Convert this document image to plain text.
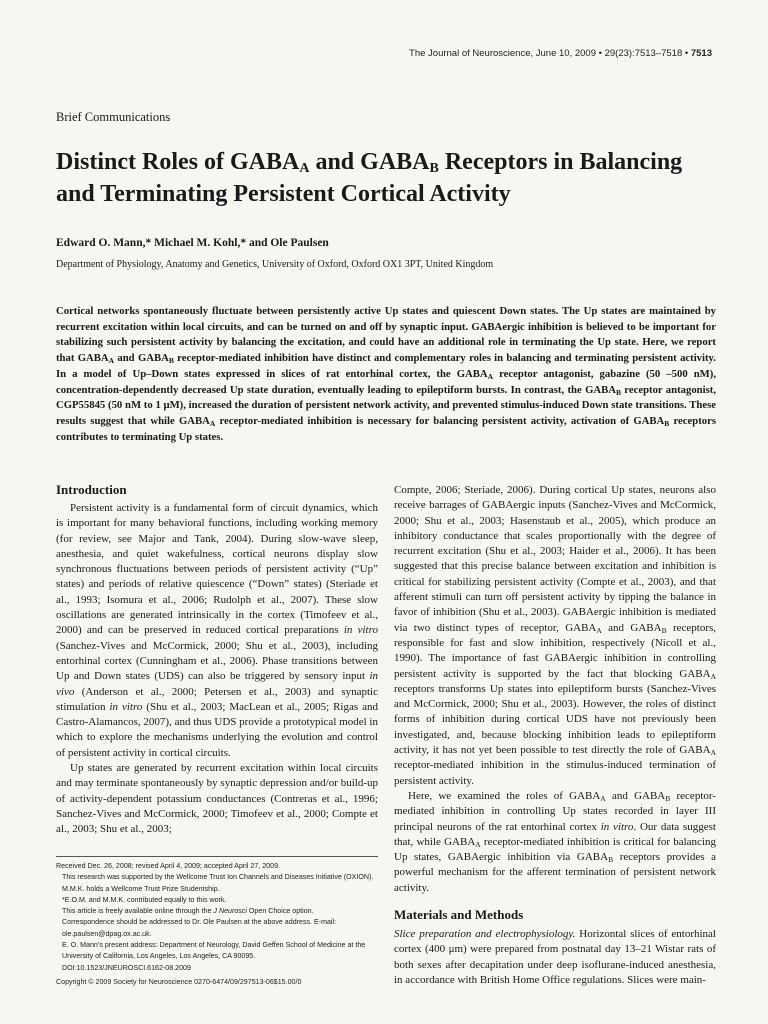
The Journal of Neuroscience, June 10, 2009 • 29(23):7513–7518 • 7513
Brief Communications
Distinct Roles of $GABA_A$ and $GABA_B$ Receptors in Balancing
and Terminating Persistent Cortical Activity
Edward O. Mann,* Michael M. Kohl,* and Ole Paulsen
Department of Physiology, Anatomy and Genetics, University of Oxford, Oxford OX1 3PT, United Kingdom

Cortical networks spontaneously fluctuate between persistently active Up states and quiescent Down states. The Up states are maintained by recurrent excitation within local circuits, and can be turned on and off by synaptic input. GABAergic inhibition is believed to be important for stabilizing such persistent activity by balancing the excitation, and could have an additional role in terminating the Up state. Here, we report that $GABA_A$ and $GABA_B$ receptor-mediated inhibition have distinct and complementary roles in balancing and terminating persistent activity. In a model of Up–Down states expressed in slices of rat entorhinal cortex, the $GABA_A$ receptor antagonist, gabazine (50 –500 nM), concentration-dependently decreased Up state duration, eventually leading to epileptiform bursts. In contrast, the $GABA_B$ receptor antagonist, CGP55845 (50 nM to 1 μM), increased the duration of persistent network activity, and prevented stimulus-induced Down state transitions. These results suggest that while $GABA_A$ receptor-mediated inhibition is necessary for balancing persistent activity, activation of $GABA_B$ receptors contributes to terminating Up states.

Introduction

Persistent activity is a fundamental form of circuit dynamics, which is important for many behavioral functions, including working memory (for review, see Major and Tank, 2004). During slow-wave sleep, anesthesia, and quiet wakefulness, cortical neurons display slow synchronous fluctuations between periods of persistent activity (“Up” states) and periods of relative quiescence (“Down” states) (Steriade et al., 1993; Isomura et al., 2006; Rudolph et al., 2007). These slow oscillations are generated intrinsically in the cortex (Timofeev et al., 2000) and can be preserved in reduced cortical preparations in vitro (Sanchez-Vives and McCormick, 2000; Shu et al., 2003), including entorhinal cortex (Cunningham et al., 2006). Phase transitions between Up and Down states (UDS) can also be triggered by sensory input in vivo (Anderson et al., 2000; Petersen et al., 2003) and synaptic stimulation in vitro (Shu et al., 2003; MacLean et al., 2005; Rigas and Castro-Alamancos, 2007), and thus UDS provide a prototypical model in which to explore the mechanisms underlying the evolution and control of persistent activity in cortical circuits.

Up states are generated by recurrent excitation within local circuits and may terminate spontaneously by synaptic depression and/or build-up of activity-dependent potassium conductances (Contreras et al., 1996; Sanchez-Vives and McCormick, 2000; Timofeev et al., 2000; Compte et al., 2003; Shu et al., 2003;

Compte, 2006; Steriade, 2006). During cortical Up states, neurons also receive barrages of GABAergic inputs (Sanchez-Vives and McCormick, 2000; Shu et al., 2003; Hasenstaub et al., 2005), which produce an inhibitory conductance that scales proportionally with the degree of recurrent excitation (Shu et al., 2003; Haider et al., 2006). It has been suggested that this precise balance between excitation and inhibition is critical for stabilizing persistent activity (Compte et al., 2003), and that afferent stimuli can turn off persistent activity by tipping the balance in favor of inhibition (Shu et al., 2003). GABAergic inhibition is mediated via two distinct types of receptor, $GABA_A$ and $GABA_B$ receptors, responsible for fast and slow inhibition, respectively (Nicoll et al., 1990). The importance of fast GABAergic inhibition in controlling persistent activity is supported by the fact that blocking $GABA_A$ receptors transforms Up states into epileptiform bursts (Sanchez-Vives and McCormick, 2000; Shu et al., 2003). However, the roles of distinct forms of inhibition during cortical UDS have not previously been investigated, and, because blocking inhibition leads to epileptiform activity, it has not yet been possible to test directly the role of $GABA_A$ receptor-mediated inhibition in the stimulus-induced termination of persistent activity.

Here, we examined the roles of $GABA_A$ and $GABA_B$ receptor-mediated inhibition in controlling Up states recorded in layer III principal neurons of the rat entorhinal cortex in vitro. Our data suggest that, while $GABA_A$ receptor-mediated inhibition is critical for balancing Up states, GABAergic inhibition via $GABA_B$ receptors provides a powerful mechanism for the afferent termination of persistent network activity.

Materials and Methods

Slice preparation and electrophysiology. Horizontal slices of entorhinal cortex (400 μm) were prepared from postnatal day 13–21 Wistar rats of both sexes after decapitation under deep isoflurane-induced anesthesia, in accordance with British Home Office regulations. Slices were main-

Received Dec. 26, 2008; revised April 4, 2009; accepted April 27, 2009.

This research was supported by the Wellcome Trust Ion Channels and Diseases Initiative (OXION). M.M.K. holds a Wellcome Trust Prize Studentship.

*E.O.M. and M.M.K. contributed equally to this work.

This article is freely available online through the J Neurosci Open Choice option.

Correspondence should be addressed to Dr. Ole Paulsen at the above address. E-mail: ole.paulsen@dpag.ox.ac.uk.

E. O. Mann’s present address: Department of Neurology, David Geffen School of Medicine at the University of California, Los Angeles, Los Angeles, CA 90095.

DOI:10.1523/JNEUROSCI.6162-08.2009

Copyright © 2009 Society for Neuroscience 0270-6474/09/297513-06$15.00/0
